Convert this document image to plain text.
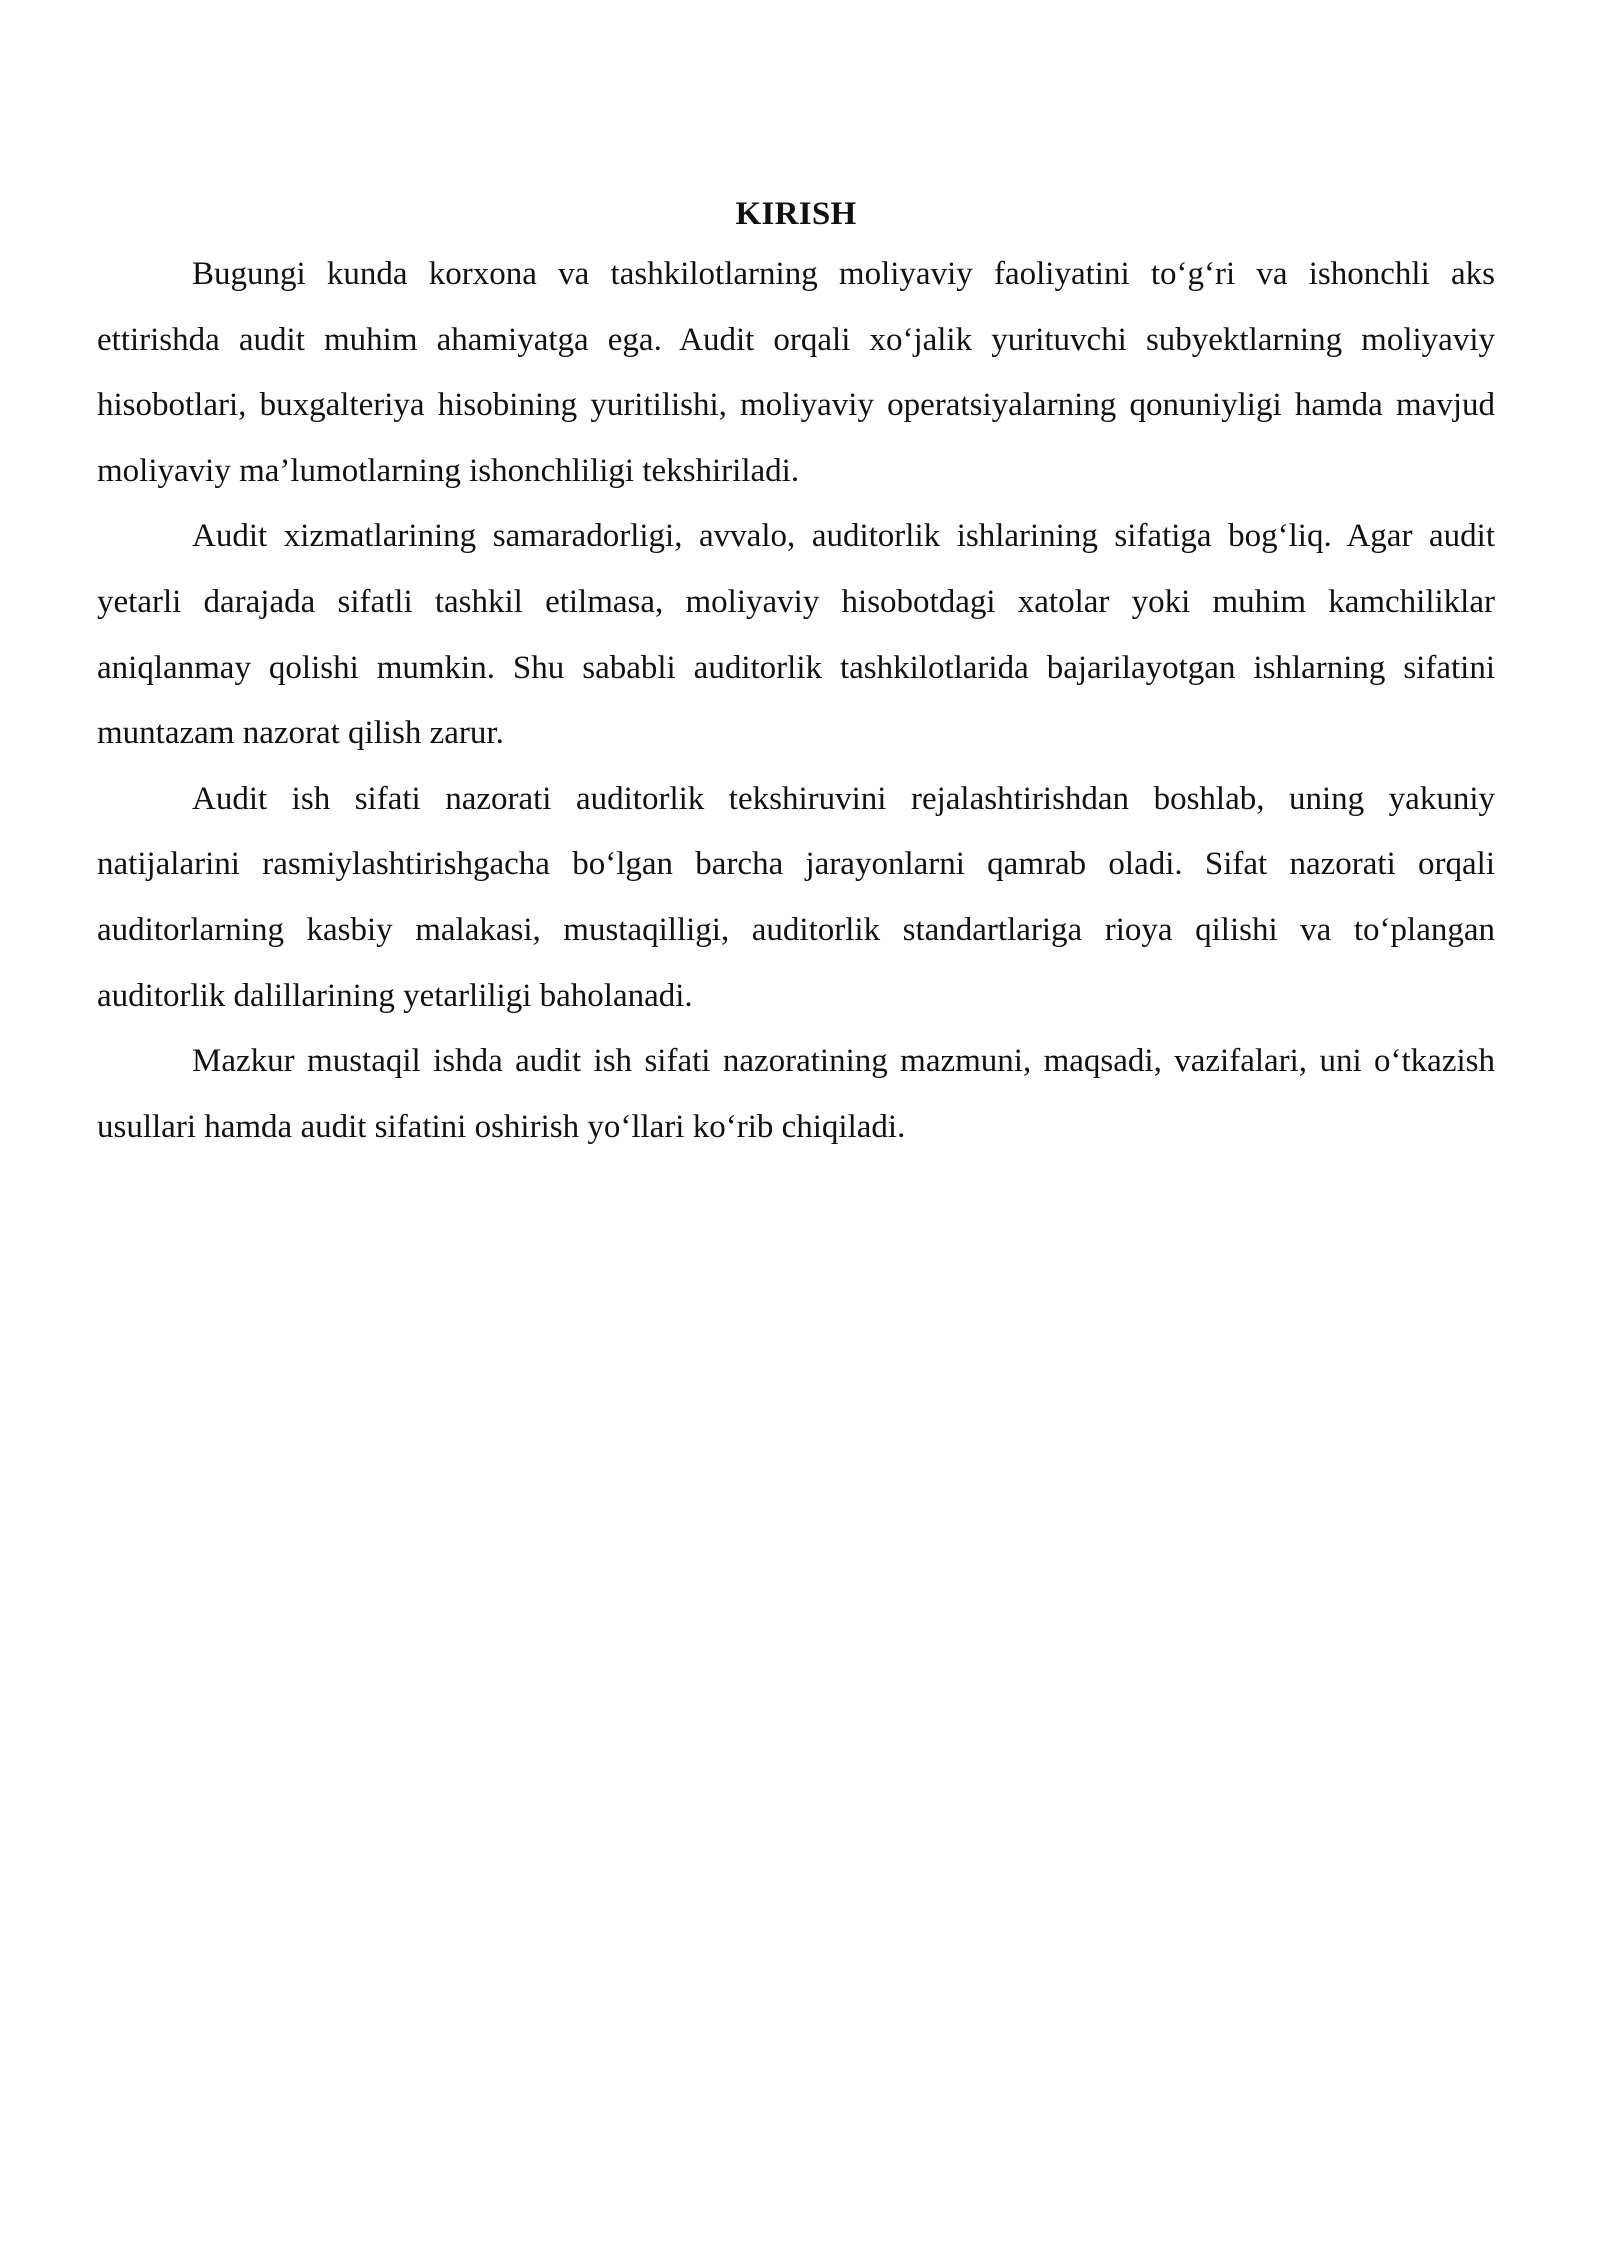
KIRISH

Bugungi kunda korxona va tashkilotlarning moliyaviy faoliyatini to‘g‘ri va ishonchli aks ettirishda audit muhim ahamiyatga ega. Audit orqali xo‘jalik yurituvchi subyektlarning moliyaviy hisobotlari, buxgalteriya hisobining yuritilishi, moliyaviy operatsiyalarning qonuniyligi hamda mavjud moliyaviy ma’lumotlarning ishonchliligi tekshiriladi.

Audit xizmatlarining samaradorligi, avvalo, auditorlik ishlarining sifatiga bog‘liq. Agar audit yetarli darajada sifatli tashkil etilmasa, moliyaviy hisobotdagi xatolar yoki muhim kamchiliklar aniqlanmay qolishi mumkin. Shu sababli auditorlik tashkilotlarida bajarilayotgan ishlarning sifatini muntazam nazorat qilish zarur.

Audit ish sifati nazorati auditorlik tekshiruvini rejalashtirishdan boshlab, uning yakuniy natijalarini rasmiylashtirishgacha bo‘lgan barcha jarayonlarni qamrab oladi. Sifat nazorati orqali auditorlarning kasbiy malakasi, mustaqilligi, auditorlik standartlariga rioya qilishi va to‘plangan auditorlik dalillarining yetarliligi baholanadi.

Mazkur mustaqil ishda audit ish sifati nazoratining mazmuni, maqsadi, vazifalari, uni o‘tkazish usullari hamda audit sifatini oshirish yo‘llari ko‘rib chiqiladi.
